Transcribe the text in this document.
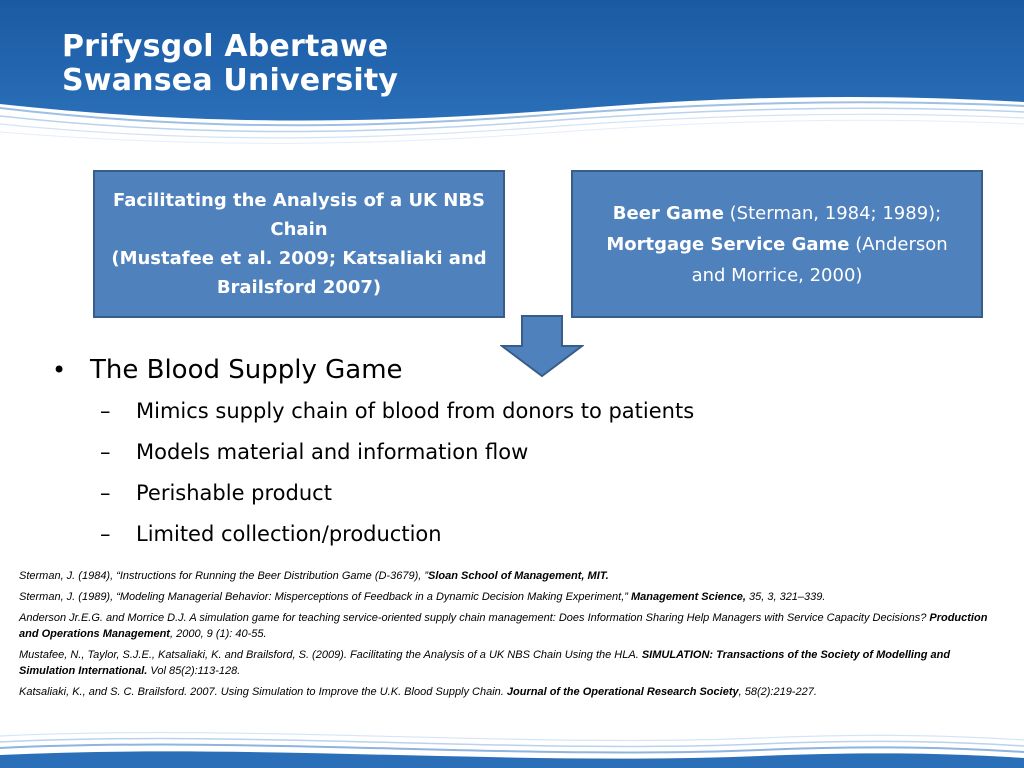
Prifysgol Abertawe
Swansea University
Facilitating the Analysis of a UK NBS
Chain
(Mustafee et al. 2009; Katsaliaki and
Brailsford 2007)
Beer Game (Sterman, 1984; 1989);
Mortgage Service Game (Anderson
and Morrice, 2000)
• The Blood Supply Game
–	Mimics supply chain of blood from donors to patients
–	Models material and information flow
–	Perishable product
–	Limited collection/production
Sterman, J. (1984), “Instructions for Running the Beer Distribution Game (D-3679), ”Sloan School of Management, MIT.
Sterman, J. (1989), “Modeling Managerial Behavior: Misperceptions of Feedback in a Dynamic Decision Making Experiment,” Management Science, 35, 3, 321–339.
Anderson Jr.E.G. and Morrice D.J. A simulation game for teaching service-oriented supply chain management: Does Information Sharing Help Managers with Service Capacity Decisions? Production and Operations Management, 2000, 9 (1): 40-55.
Mustafee, N., Taylor, S.J.E., Katsaliaki, K. and Brailsford, S. (2009). Facilitating the Analysis of a UK NBS Chain Using the HLA. SIMULATION: Transactions of the Society of Modelling and Simulation International. Vol 85(2):113-128.
Katsaliaki, K., and S. C. Brailsford. 2007. Using Simulation to Improve the U.K. Blood Supply Chain. Journal of the Operational Research Society, 58(2):219-227.
